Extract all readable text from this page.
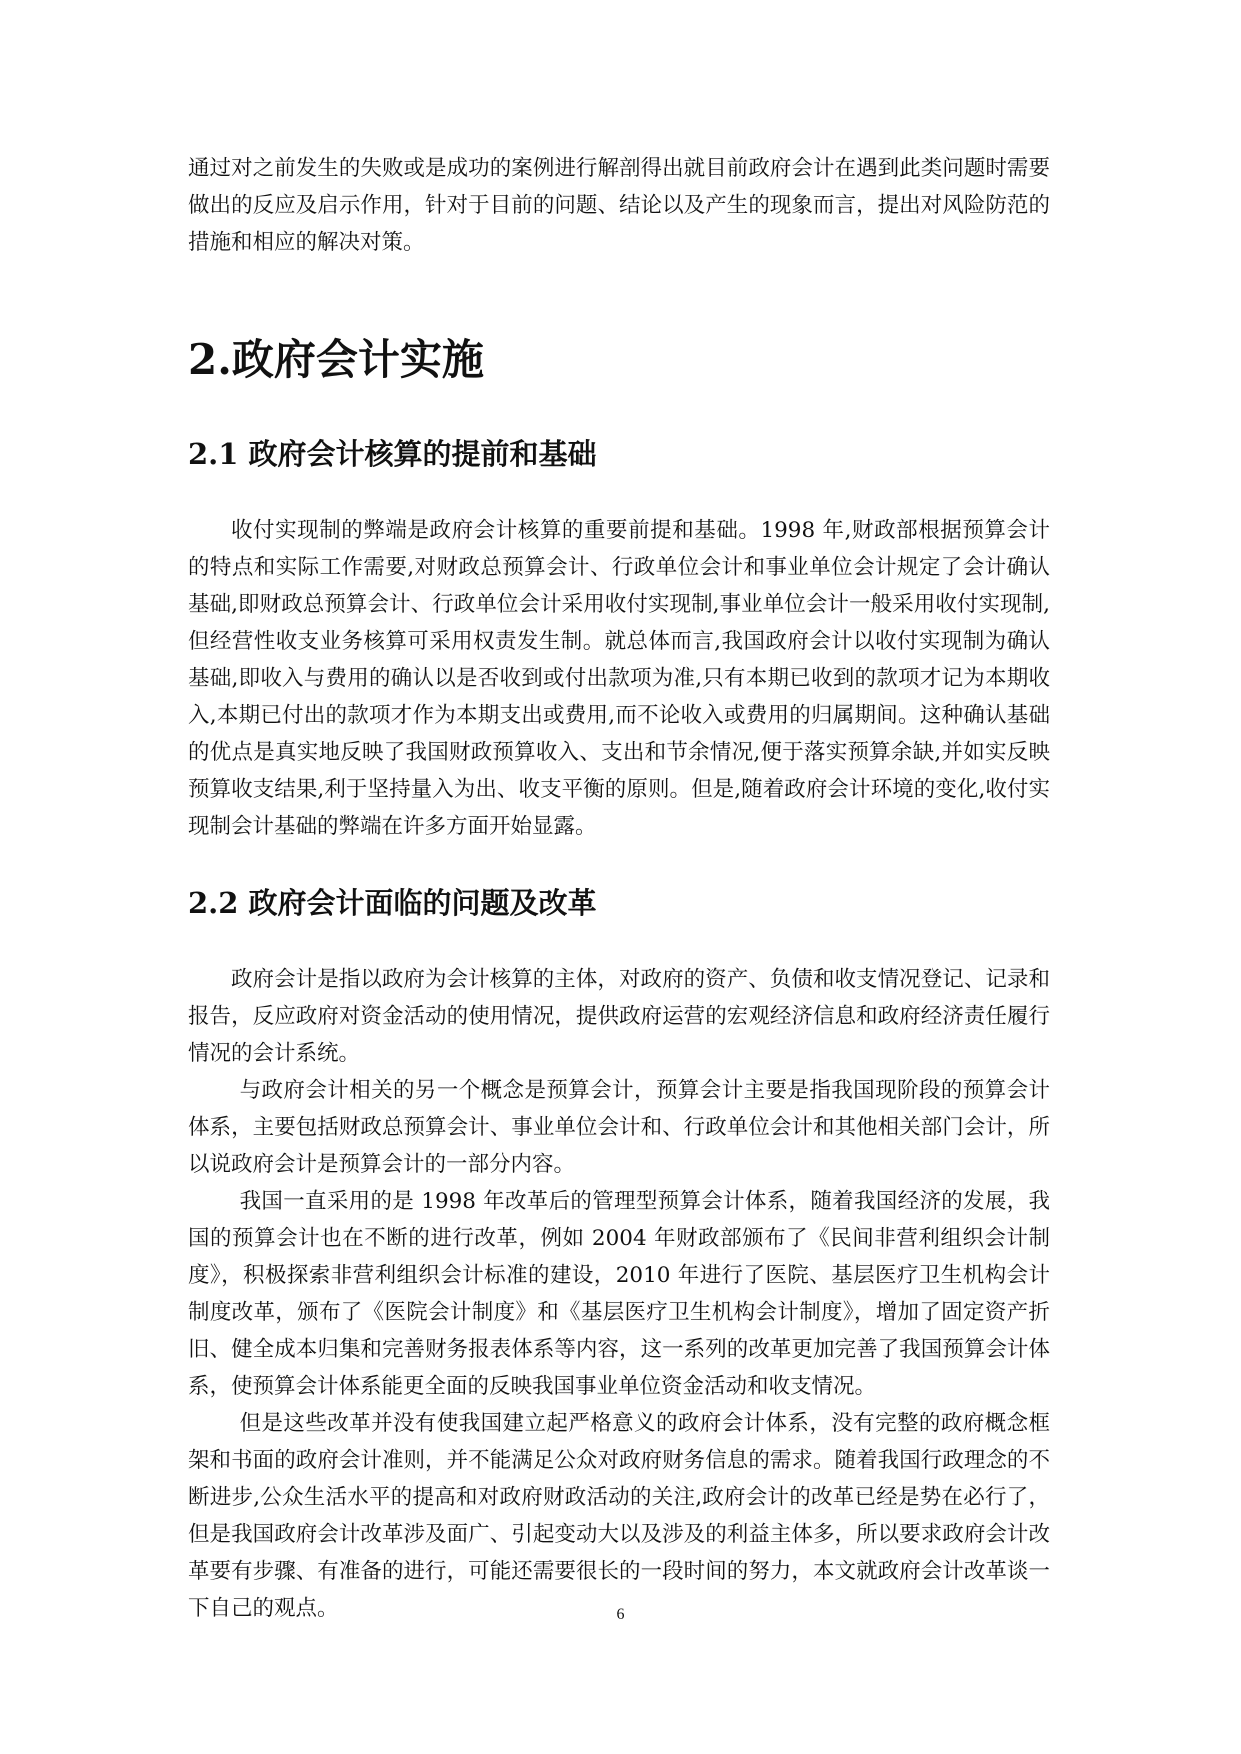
通过对之前发生的失败或是成功的案例进行解剖得出就目前政府会计在遇到此类问题时需要做出的反应及启示作用，针对于目前的问题、结论以及产生的现象而言，提出对风险防范的措施和相应的解决对策。

2.政府会计实施
2.1 政府会计核算的提前和基础

收付实现制的弊端是政府会计核算的重要前提和基础。1998 年,财政部根据预算会计的特点和实际工作需要,对财政总预算会计、行政单位会计和事业单位会计规定了会计确认基础,即财政总预算会计、行政单位会计采用收付实现制,事业单位会计一般采用收付实现制,但经营性收支业务核算可采用权责发生制。就总体而言,我国政府会计以收付实现制为确认基础,即收入与费用的确认以是否收到或付出款项为准,只有本期已收到的款项才记为本期收入,本期已付出的款项才作为本期支出或费用,而不论收入或费用的归属期间。这种确认基础的优点是真实地反映了我国财政预算收入、支出和节余情况,便于落实预算余缺,并如实反映预算收支结果,利于坚持量入为出、收支平衡的原则。但是,随着政府会计环境的变化,收付实现制会计基础的弊端在许多方面开始显露。

2.2 政府会计面临的问题及改革

政府会计是指以政府为会计核算的主体，对政府的资产、负债和收支情况登记、记录和报告，反应政府对资金活动的使用情况，提供政府运营的宏观经济信息和政府经济责任履行情况的会计系统。

与政府会计相关的另一个概念是预算会计，预算会计主要是指我国现阶段的预算会计体系，主要包括财政总预算会计、事业单位会计和、行政单位会计和其他相关部门会计，所以说政府会计是预算会计的一部分内容。

我国一直采用的是 1998 年改革后的管理型预算会计体系，随着我国经济的发展，我国的预算会计也在不断的进行改革，例如 2004 年财政部颁布了《民间非营利组织会计制度》，积极探索非营利组织会计标准的建设，2010 年进行了医院、基层医疗卫生机构会计制度改革，颁布了《医院会计制度》和《基层医疗卫生机构会计制度》，增加了固定资产折旧、健全成本归集和完善财务报表体系等内容，这一系列的改革更加完善了我国预算会计体系，使预算会计体系能更全面的反映我国事业单位资金活动和收支情况。

但是这些改革并没有使我国建立起严格意义的政府会计体系，没有完整的政府概念框架和书面的政府会计准则，并不能满足公众对政府财务信息的需求。随着我国行政理念的不断进步,公众生活水平的提高和对政府财政活动的关注,政府会计的改革已经是势在必行了，但是我国政府会计改革涉及面广、引起变动大以及涉及的利益主体多，所以要求政府会计改革要有步骤、有准备的进行，可能还需要很长的一段时间的努力，本文就政府会计改革谈一下自己的观点。	6
